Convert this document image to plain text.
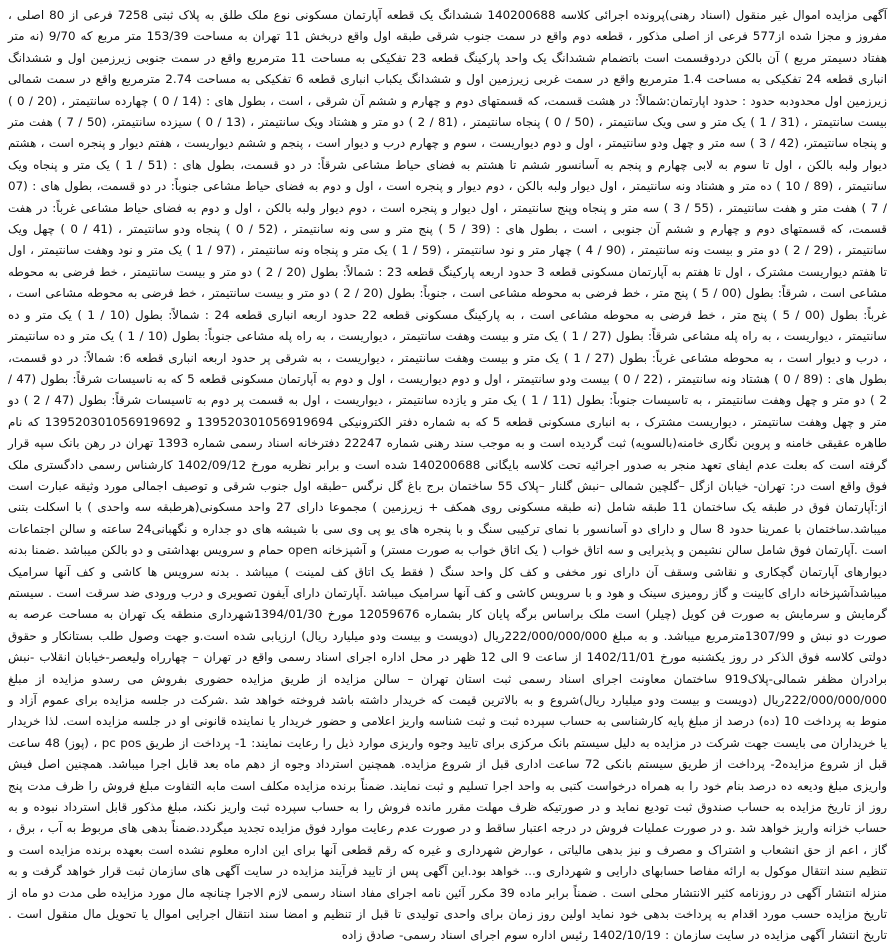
آگهی مزایده اموال غیر منقول (اسناد رهنی)پرونده اجرائی کلاسه 140200688 ششدانگ یک قطعه آپارتمان مسکونی نوع ملک طلق به پلاک ثبتی 7258 فرعی از 80 اصلی ، مفروز و مجزا شده از577 فرعی از اصلی مذکور ، قطعه دوم واقع در سمت جنوب شرقی طبقه اول واقع دربخش 11 تهران به مساحت 153/39 متر مربع که 9/70 (نه متر هفتاد دسیمتر مربع ) آن بالکن دردوقسمت است باتضمام ششدانگ یک واحد پارکینگ قطعه 23 تفکیکی به مساحت 11 مترمربع واقع در سمت جنوبی زیرزمین اول و ششدانگ انباری قطعه 24 تفکیکی به مساحت 1.4 مترمربع واقع در سمت غربی زیرزمین اول و ششدانگ یکباب انباری قطعه 6 تفکیکی به مساحت 2.74 مترمربع واقع در سمت شمالی زیرزمین اول محدودبه حدود : حدود اپارتمان:شمالاً: در هشت قسمت، که قسمتهای دوم و چهارم و ششم آن شرقی ، است ، بطول های : (14 / 0 ) چهارده سانتیمتر ، (20 / 0 ) بیست سانتیمتر ، (31 / 1 ) یک متر و سی ویک سانتیمتر ، (50 / 0 ) پنجاه سانتیمتر ، (81 / 2 ) دو متر و هشتاد ویک سانتیمتر ، (13 / 0 ) سیزده سانتیمتر، (50 / 7 ) هفت متر و پنجاه سانتیمتر، (42 / 3 ) سه متر و چهل ودو سانتیمتر ، اول و دوم دیواریست ، سوم و چهارم درب و دیوار است ، پنجم و ششم دیواریست ، هفتم دیوار و پنجره است ، هشتم دیوار ولبه بالکن ، اول تا سوم به لابی چهارم و پنجم به آسانسور ششم تا هشتم به فضای حیاط مشاعی شرقاً: در دو قسمت، بطول های : (51 / 1 ) یک متر و پنجاه ویک سانتیمتر ، (89 / 10 ) ده متر و هشتاد ونه سانتیمتر ، اول دیوار ولبه بالکن ، دوم دیوار و پنجره است ، اول و دوم به فضای حیاط مشاعی جنوباً: در دو قسمت، بطول های : (07 / 7 ) هفت متر و هفت سانتیمتر ، (55 / 3 ) سه متر و پنجاه وپنج سانتیمتر ، اول دیوار و پنجره است ، دوم دیوار ولبه بالکن ، اول و دوم به فضای حیاط مشاعی غرباً: در هفت قسمت، که قسمتهای دوم و چهارم و ششم آن جنوبی ، است ، بطول های : (39 / 5 ) پنج متر و سی ونه سانتیمتر ، (52 / 0 ) پنجاه ودو سانتیمتر ، (41 / 0 ) چهل ویک سانتیمتر ، (29 / 2 ) دو متر و بیست ونه سانتیمتر ، (90 / 4 ) چهار متر و نود سانتیمتر ، (59 / 1 ) یک متر و پنجاه ونه سانتیمتر ، (97 / 1 ) یک متر و نود وهفت سانتیمتر ، اول تا هفتم دیواریست مشترک ، اول تا هفتم به آپارتمان مسکونی قطعه 3 حدود اربعه پارکینگ قطعه 23 : شمالاً: بطول (20 / 2 ) دو متر و بیست سانتیمتر ، خط فرضی به محوطه مشاعی است ، شرقاً: بطول (00 / 5 ) پنج متر ، خط فرضی به محوطه مشاعی است ، جنوباً: بطول (20 / 2 ) دو متر و بیست سانتیمتر ، خط فرضی به محوطه مشاعی است ، غرباً: بطول (00 / 5 ) پنج متر ، خط فرضی به محوطه مشاعی است ، به پارکینگ مسکونی قطعه 22 حدود اربعه انباری قطعه 24 : شمالاً: بطول (10 / 1 ) یک متر و ده سانتیمتر ، دیواریست ، به راه پله مشاعی شرقاً: بطول (27 / 1 ) یک متر و بیست وهفت سانتیمتر ، دیواریست ، به راه پله مشاعی جنوباً: بطول (10 / 1 ) یک متر و ده سانتیمتر ، درب و دیوار است ، به محوطه مشاعی غرباً: بطول (27 / 1 ) یک متر و بیست وهفت سانتیمتر ، دیواریست ، به شرقی پر حدود اربعه انباری قطعه 6: شمالاً: در دو قسمت، بطول های : (89 / 0 ) هشتاد ونه سانتیمتر ، (22 / 0 ) بیست ودو سانتیمتر ، اول و دوم دیواریست ، اول و دوم به آپارتمان مسکونی قطعه 5 که به ناسیسات شرقاً: بطول (47 / 2 ) دو متر و چهل وهفت سانتیمتر ، به تاسیسات جنوباً: بطول (11 / 1 ) یک متر و یازده سانتیمتر ، دیواریست ، اول به قسمت پر دوم به تاسیسات شرقاً: بطول (47 / 2 ) دو متر و چهل وهفت سانتیمتر ، دیواریست مشترک ، به انباری مسکونی قطعه 5 که به شماره دفتر الکترونیکی 139520301056919694 و 139520301056919692 که نام طاهره عقیقی خامنه و پروین نگاری خامنه(بالسویه) ثبت گردیده است و به موجب سند رهنی شماره 22247 دفترخانه اسناد رسمی شماره 1393 تهران در رهن بانک سپه قرار گرفته است که بعلت عدم ایفای تعهد منجر به صدور اجرائیه تحت کلاسه بایگانی 140200688 شده است و برابر نظریه مورخ 1402/09/12 کارشناس رسمی دادگستری ملک فوق واقع است در: تهران- خیابان ازگل –گلچین شمالی –نبش گلنار –پلاک 55 ساختمان برج باغ گل نرگس –طبقه اول جنوب شرقی و توصیف اجمالی مورد وثیقه عبارت است از:آپارتمان فوق در طبقه یک ساختمان 11 طبقه شامل (نه طبقه مسکونی روی همکف + زیرزمین ) مجموعا دارای 27 واحد مسکونی(هرطبقه سه واحدی ) با اسکلت بتنی میباشد.ساختمان با عمرینا حدود 8 سال و دارای دو آسانسور با نمای ترکیبی سنگ و با پنجره های یو پی وی سی با شیشه های دو جداره و نگهبانی24 ساعته و سالن اجتماعات است .آپارتمان فوق شامل سالن نشیمن و پذیرایی و سه اتاق خواب ( یک اتاق خواب به صورت مستر) و آشپزخانه open حمام و سرویس بهداشتی و دو بالکن میباشد .ضمنا بدنه دیوارهای آپارتمان گچکاری و نقاشی وسقف آن دارای نور مخفی و کف کل واحد سنگ ( فقط یک اتاق کف لمینت ) میباشد . بدنه سرویس ها کاشی و کف آنها سرامیک میباشدآشپزخانه دارای کابینت و گاز رومیزی سینک و هود و با سرویس کاشی و کف آنها سرامیک میباشد .آپارتمان دارای آیفون تصویری و درب ورودی ضد سرقت است . سیستم گرمایش و سرمایش به صورت فن کویل (چیلر) است ملک براساس برگه پایان کار بشماره 12059676 مورخ 1394/01/30شهرداری منطقه یک تهران به مساحت عرصه به صورت دو نبش و 1307/99مترمربع میباشد. و به مبلغ 222/000/000/000ریال (دویست و بیست ودو میلیارد ریال) ارزیابی شده است.و جهت وصول طلب بستانکار و حقوق دولتی کلاسه فوق الذکر در روز یکشنبه مورخ 1402/11/01 از ساعت 9 الی 12 ظهر در محل اداره اجرای اسناد رسمی واقع در تهران – چهارراه ولیعصر-خیابان انقلاب -نبش برادران مظفر شمالی-پلاک919 ساختمان معاونت اجرای اسناد رسمی ثبت استان تهران – سالن مزایده از طریق مزایده حضوری بفروش می رسدو مزایده از مبلغ 222/000/000/000ریال (دویست و بیست ودو میلیارد ریال)شروع و به بالاترین قیمت که خریدار داشته باشد فروخته خواهد شد .شرکت در جلسه مزایده برای عموم آزاد و منوط به پرداخت 10 (ده) درصد از مبلغ پایه کارشناسی به حساب سپرده ثبت و ثبت شناسه واریز اعلامی و حضور خریدار یا نماینده قانونی او در جلسه مزایده است. لذا خریدار یا خریداران می بایست جهت شرکت در مزایده به دلیل سیستم بانک مرکزی برای تایید وجوه واریزی موارد ذیل را رعایت نمایند: 1- پرداخت از طریق pc pos ، (پوز) 48 ساعت قبل از شروع مزایده2- پرداخت از طریق سیستم بانکی 72 ساعت اداری قبل از شروع مزایده. همچنین استرداد وجوه از دهم ماه بعد قابل اجرا میباشد. همچنین اصل فیش واریزی مبلغ ودیعه ده درصد بنام خود را به همراه درخواست کتبی به واحد اجرا تسلیم و ثبت نمایند. ضمناً برنده مزایده مکلف است مابه التفاوت مبلغ فروش را ظرف مدت پنج روز از تاریخ مزایده به حساب صندوق ثبت تودیع نماید و در صورتیکه ظرف مهلت مقرر مانده فروش را به حساب سپرده ثبت واریز نکند، مبلغ مذکور قابل استرداد نبوده و به حساب خزانه واریز خواهد شد .و در صورت عملیات فروش در درجه اعتبار ساقط و در صورت عدم رعایت موارد فوق مزایده تجدید میگردد.ضمناً بدهی های مربوط به آب ، برق ، گاز ، اعم از حق انشعاب و اشتراک و مصرف و نیز بدهی مالیاتی ، عوارض شهرداری و غیره که رقم قطعی آنها برای این اداره معلوم نشده است بعهده برنده مزایده است و تنظیم سند انتقال موکول به ارائه مفاصا حسابهای دارایی و شهرداری و... خواهد بود.این آگهی پس از تایید فرآیند مزایده در سایت آگهی های سازمان ثبت قرار خواهد گرفت و به منزله انتشار آگهی در روزنامه کثیر الانتشار محلی است . ضمناً برابر ماده 39 مکرر آئین نامه اجرای مفاد اسناد رسمی لازم الاجرا چنانچه مال مورد مزایده طی مدت دو ماه از تاریخ مزایده حسب مورد اقدام به پرداخت بدهی خود نماید اولین روز زمان برای واحدی تولیدی تا قبل از تنظیم و امضا سند انتقال اجرایی اموال یا تحویل مال منقول است . تاریخ انتشار آگهی مزایده در سایت سازمان : 1402/10/19 رئیس اداره سوم اجرای اسناد رسمی- صادق زاده
